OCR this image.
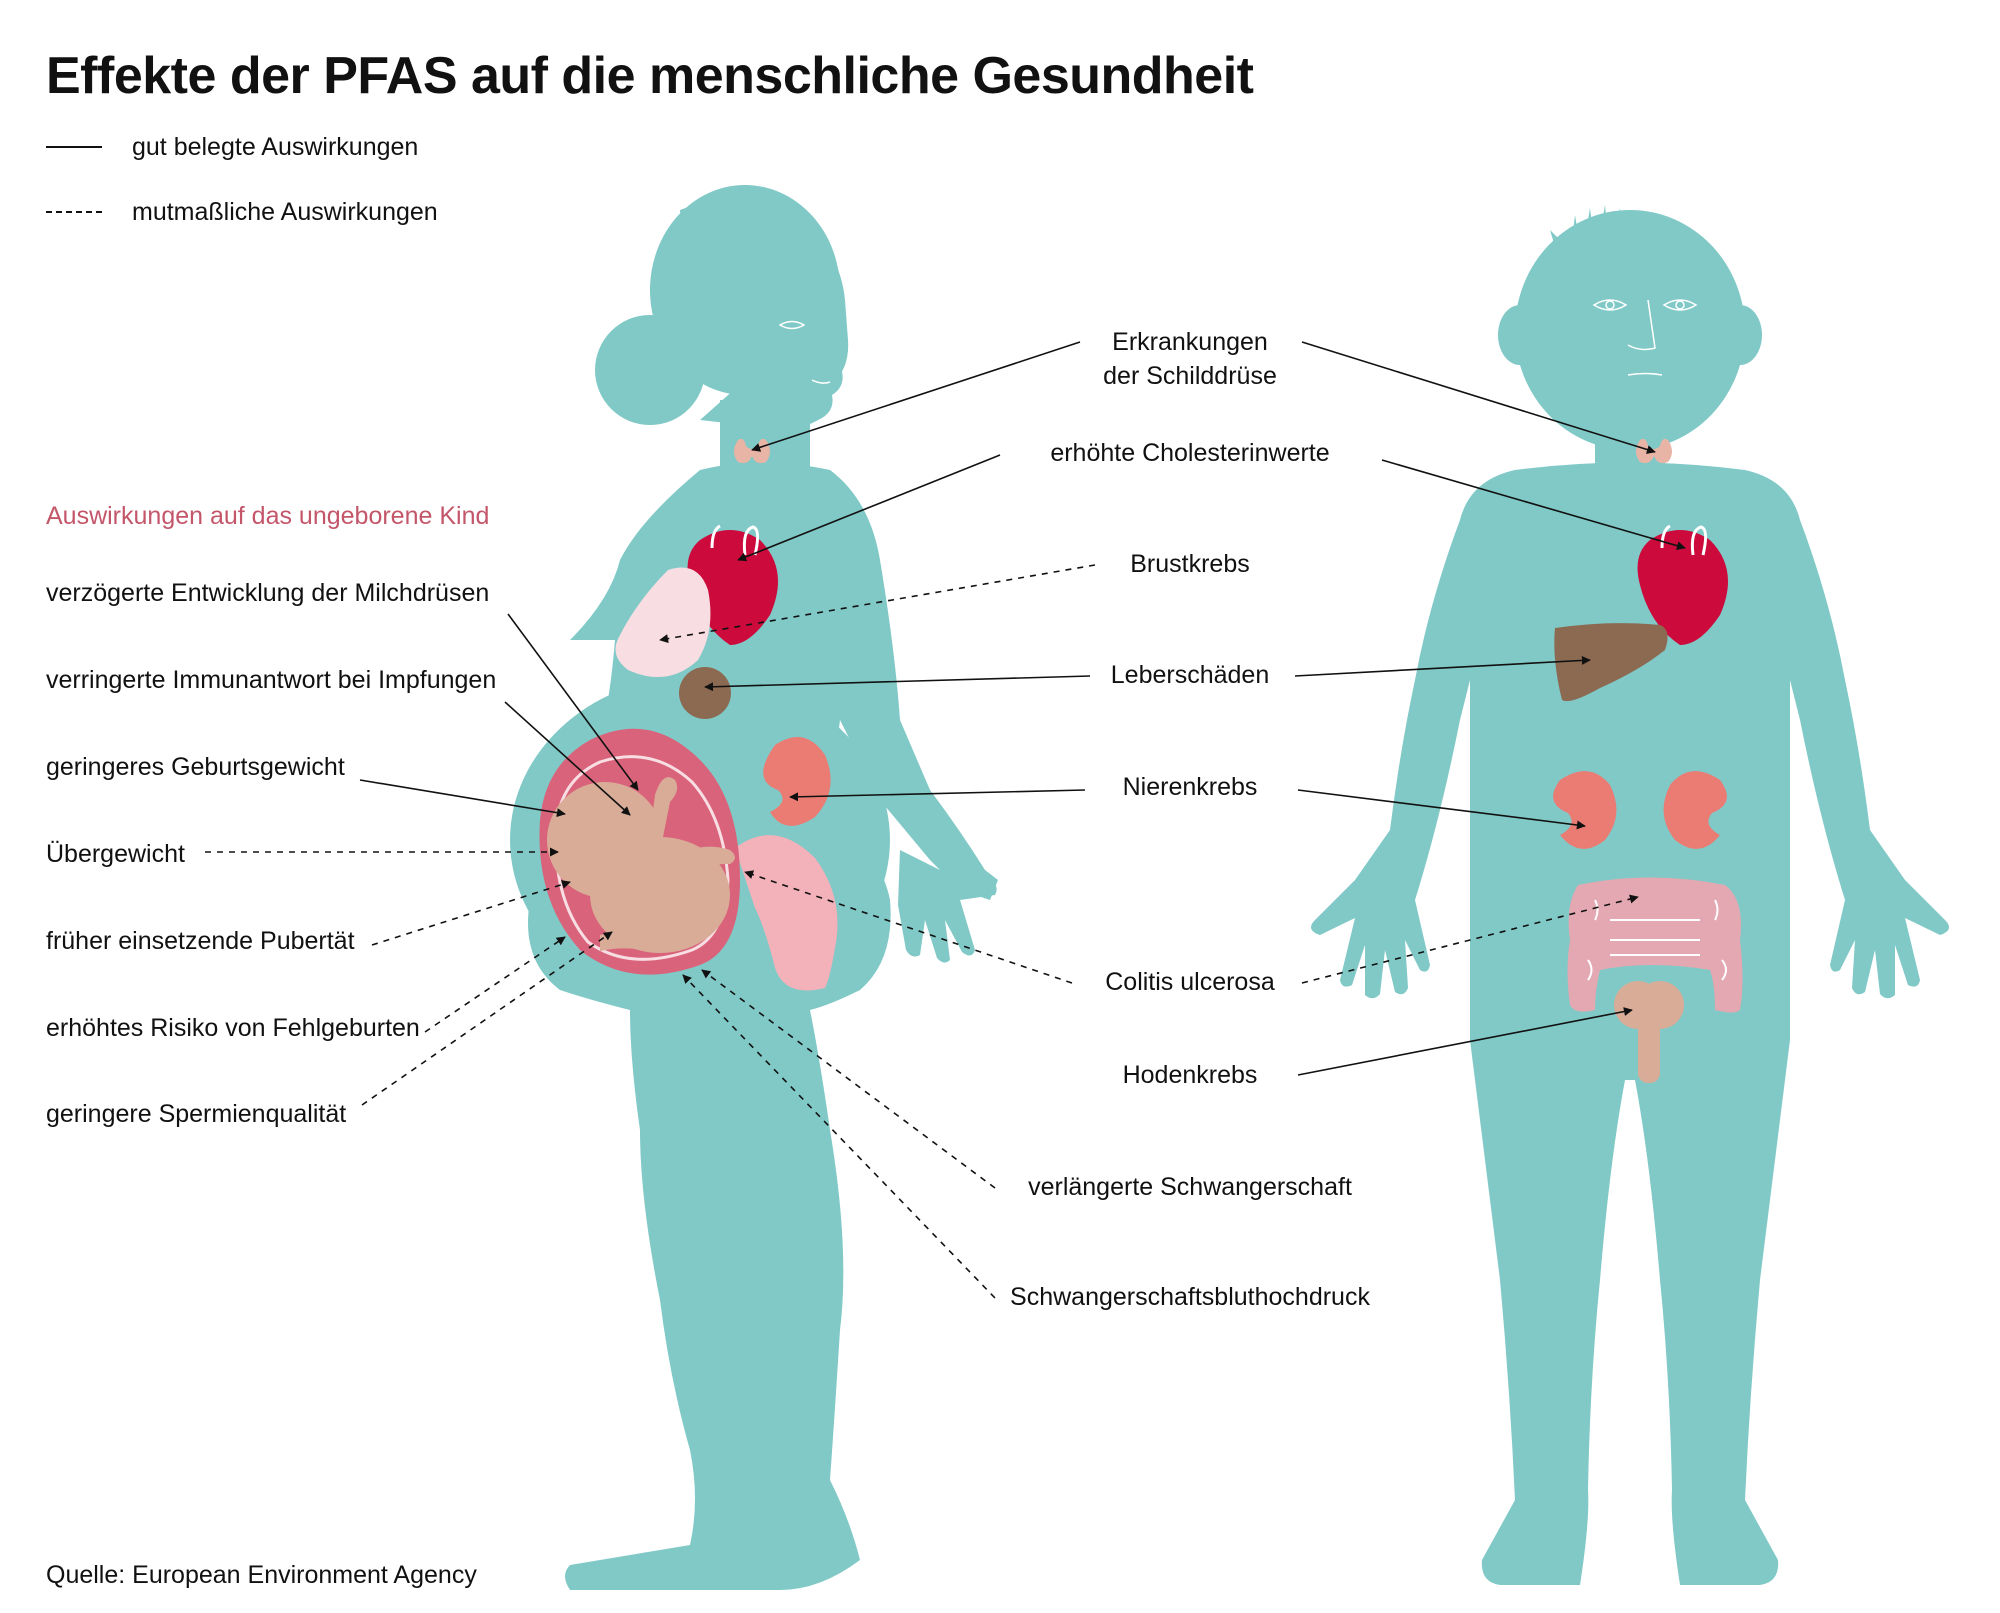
Effekte der PFAS auf die menschliche Gesundheit
gut belegte Auswirkungen
mutmaßliche Auswirkungen
Auswirkungen auf das ungeborene Kind
verzögerte Entwicklung der Milchdrüsen
verringerte Immunantwort bei Impfungen
geringeres Geburtsgewicht
Übergewicht
früher einsetzende Pubertät
erhöhtes Risiko von Fehlgeburten
geringere Spermienqualität
Erkrankungen
der Schilddrüse
erhöhte Cholesterinwerte
Brustkrebs
Leberschäden
Nierenkrebs
Colitis ulcerosa
Hodenkrebs
verlängerte Schwangerschaft
Schwangerschaftsbluthochdruck
Quelle: European Environment Agency
